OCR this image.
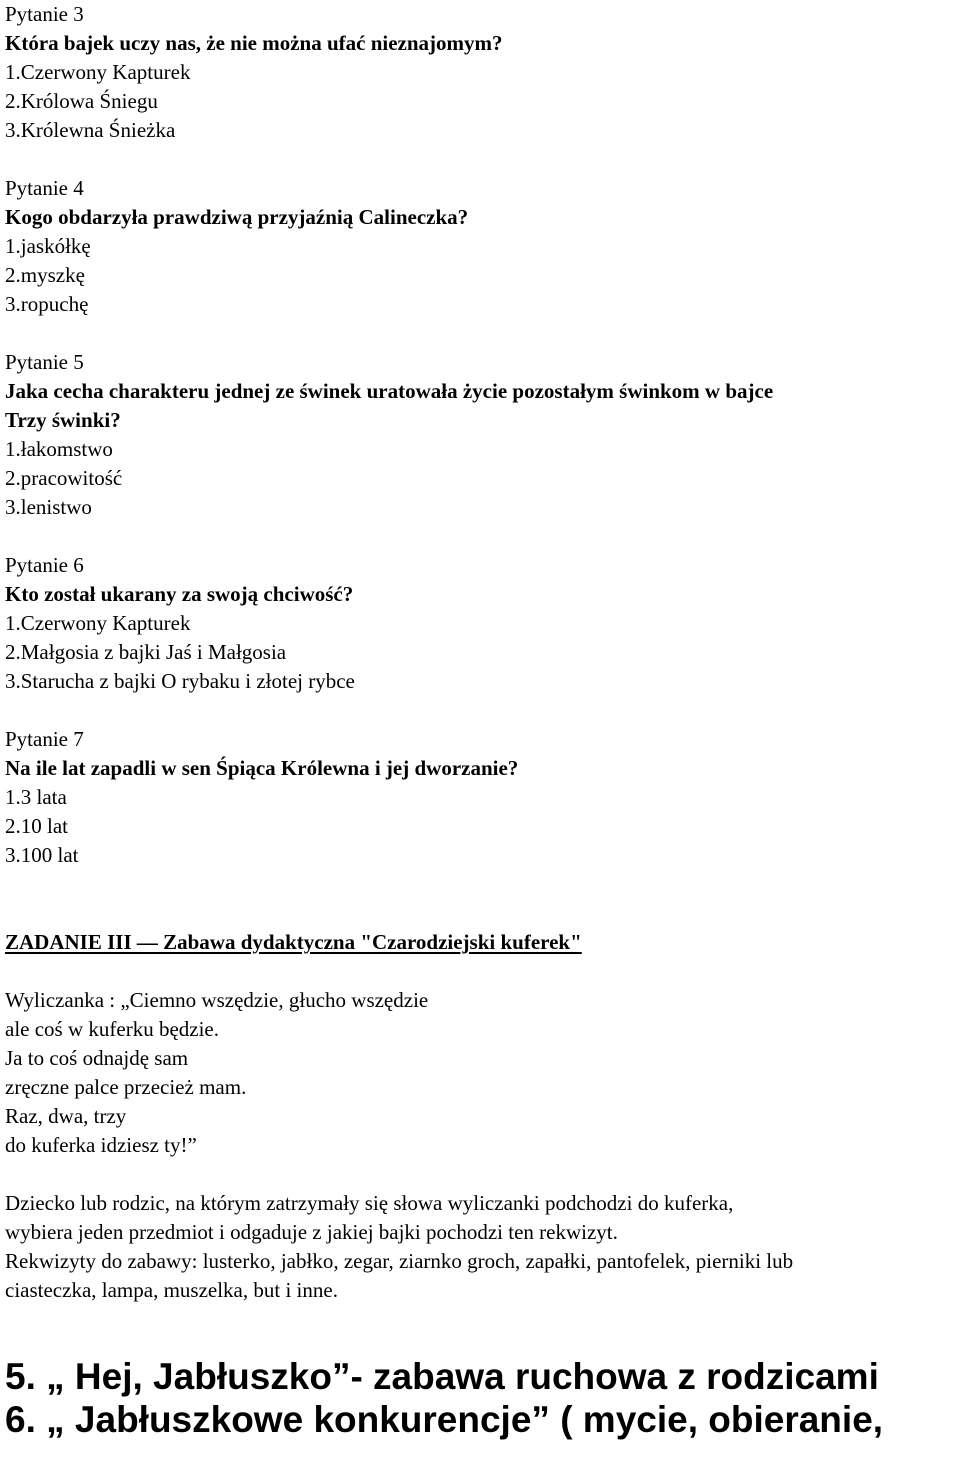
Pytanie 3
Która bajek uczy nas, że nie można ufać nieznajomym?
1.Czerwony Kapturek
2.Królowa Śniegu
3.Królewna Śnieżka
Pytanie 4
Kogo obdarzyła prawdziwą przyjaźnią Calineczka?
1.jaskółkę
2.myszkę
3.ropuchę
Pytanie 5
Jaka cecha charakteru jednej ze świnek uratowała życie pozostałym świnkom w bajce
Trzy świnki?
1.łakomstwo
2.pracowitość
3.lenistwo
Pytanie 6
Kto został ukarany za swoją chciwość?
1.Czerwony Kapturek
2.Małgosia z bajki Jaś i Małgosia
3.Starucha z bajki O rybaku i złotej rybce
Pytanie 7
Na ile lat zapadli w sen Śpiąca Królewna i jej dworzanie?
1.3 lata
2.10 lat
3.100 lat
ZADANIE III — Zabawa dydaktyczna "Czarodziejski kuferek"
Wyliczanka : „Ciemno wszędzie, głucho wszędzie
ale coś w kuferku będzie.
Ja to coś odnajdę sam
zręczne palce przecież mam.
Raz, dwa, trzy
do kuferka idziesz ty!”
Dziecko lub rodzic, na którym zatrzymały się słowa wyliczanki podchodzi do kuferka,
wybiera jeden przedmiot i odgaduje z jakiej bajki pochodzi ten rekwizyt.
Rekwizyty do zabawy: lusterko, jabłko, zegar, ziarnko groch, zapałki, pantofelek, pierniki lub
ciasteczka, lampa, muszelka, but i inne.
5. „ Hej, Jabłuszko”- zabawa ruchowa z rodzicami
6. „ Jabłuszkowe konkurencje” ( mycie, obieranie,
